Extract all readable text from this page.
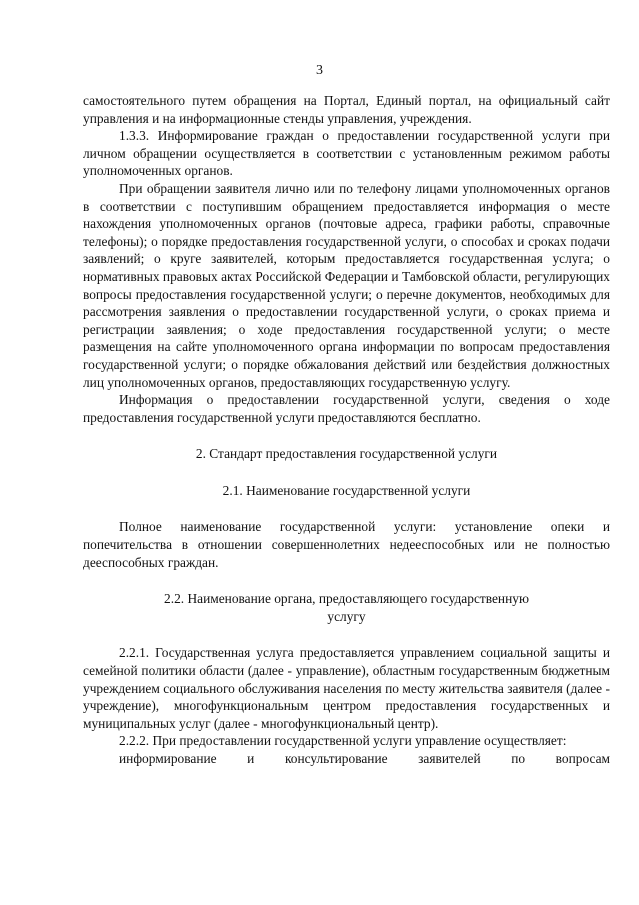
3

самостоятельного путем обращения на Портал, Единый портал, на официальный сайт управления и на информационные стенды управления, учреждения.

1.3.3. Информирование граждан о предоставлении государственной услуги при личном обращении осуществляется в соответствии с установленным режимом работы уполномоченных органов.

При обращении заявителя лично или по телефону лицами уполномоченных органов в соответствии с поступившим обращением предоставляется информация о месте нахождения уполномоченных органов (почтовые адреса, графики работы, справочные телефоны); о порядке предоставления государственной услуги, о способах и сроках подачи заявлений; о круге заявителей, которым предоставляется государственная услуга; о нормативных правовых актах Российской Федерации и Тамбовской области, регулирующих вопросы предоставления государственной услуги; о перечне документов, необходимых для рассмотрения заявления о предоставлении государственной услуги, о сроках приема и регистрации заявления; о ходе предоставления государственной услуги; о месте размещения на сайте уполномоченного органа информации по вопросам предоставления государственной услуги; о порядке обжалования действий или бездействия должностных лиц уполномоченных органов, предоставляющих государственную услугу.

Информация о предоставлении государственной услуги, сведения о ходе предоставления государственной услуги предоставляются бесплатно.

2. Стандарт предоставления государственной услуги

2.1. Наименование государственной услуги

Полное наименование государственной услуги: установление опеки и попечительства в отношении совершеннолетних недееспособных или не полностью дееспособных граждан.

2.2. Наименование органа, предоставляющего государственную

услугу

2.2.1. Государственная услуга предоставляется управлением социальной защиты и семейной политики области (далее - управление), областным государственным бюджетным учреждением социального обслуживания населения по месту жительства заявителя (далее - учреждение), многофункциональным центром предоставления государственных и муниципальных услуг (далее - многофункциональный центр).

2.2.2. При предоставлении государственной услуги управление осуществляет:

информирование и консультирование заявителей по вопросам
